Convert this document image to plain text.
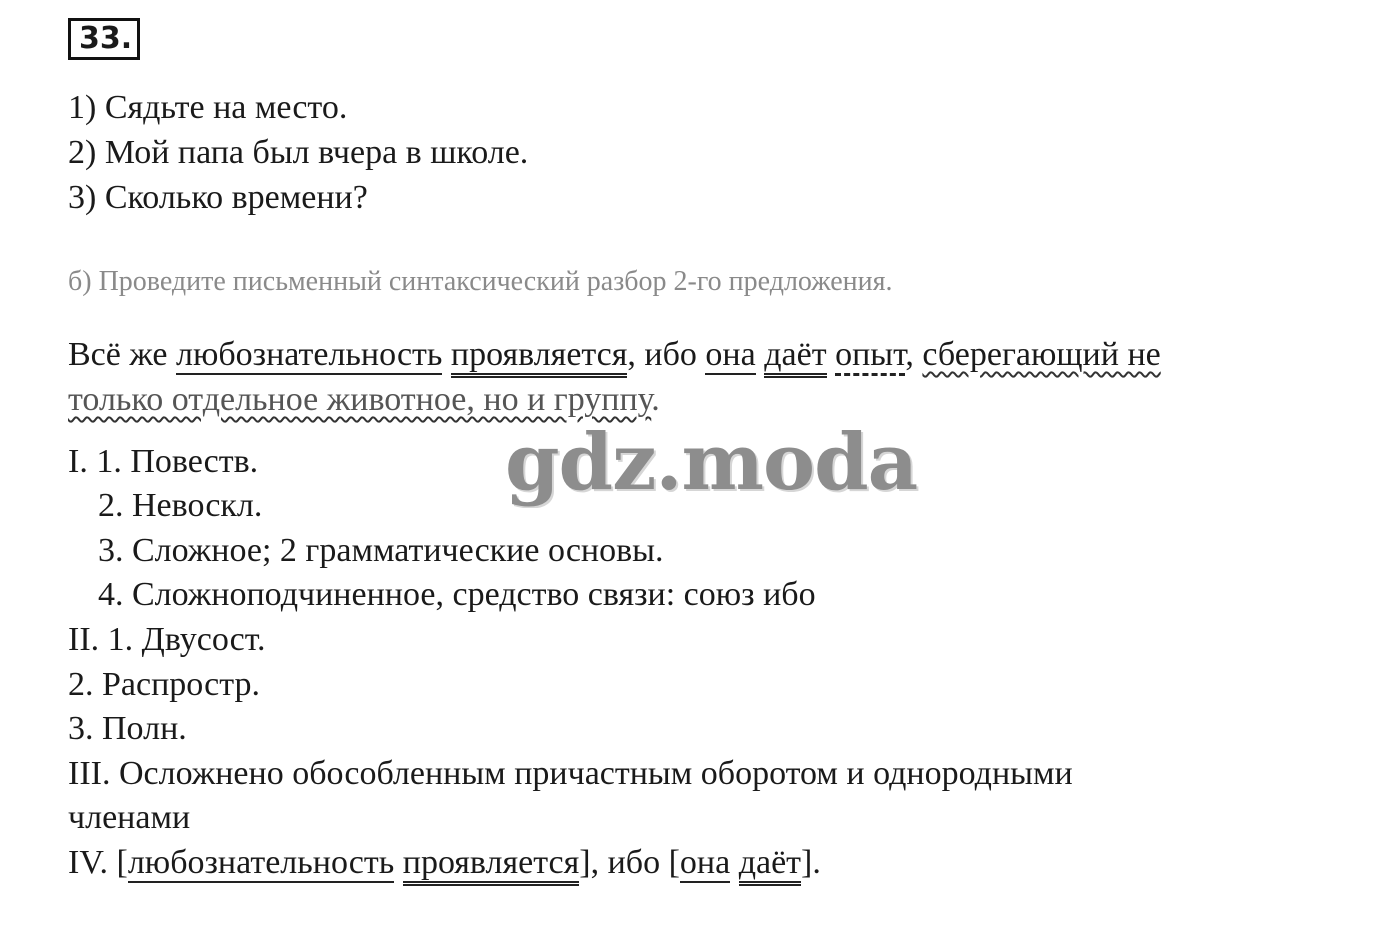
33.
1) Сядьте на место.
2) Мой папа был вчера в школе.
3) Сколько времени?
б) Проведите письменный синтаксический разбор 2-го предложения.
Всё же любознательность проявляется, ибо она даёт опыт, сберегающий не
только отдельное животное, но и группу.
I. 1. Повеств.
2. Невоскл.
3. Сложное; 2 грамматические основы.
4. Сложноподчиненное, средство связи: союз ибо
II. 1. Двусост.
2. Распростр.
3. Полн.
III. Осложнено обособленным причастным оборотом и однородными
членами
IV. [любознательность проявляется], ибо [она даёт].
gdz.moda
